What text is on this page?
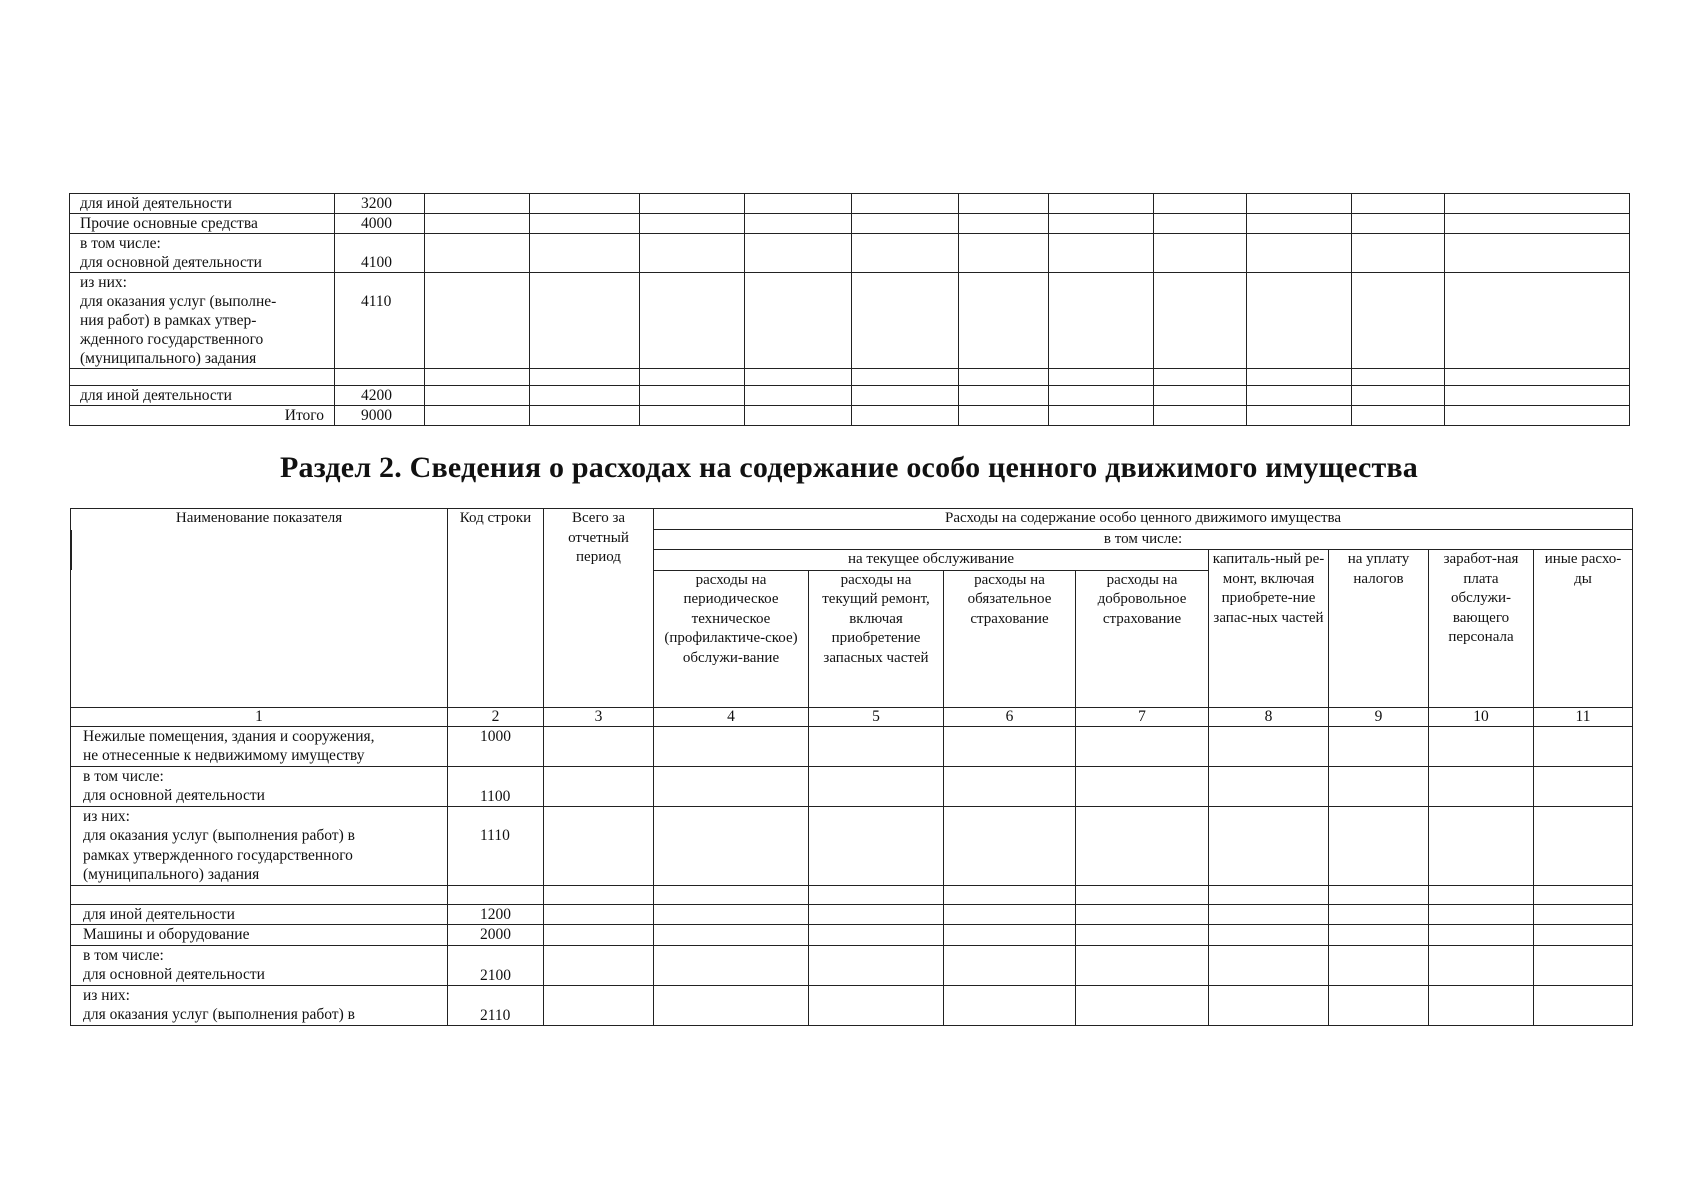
для иной деятельности	3200											
Прочие основные средства	4000											
в том числе:
для основной деятельности	4100											
из них:
для оказания услуг (выполне-
ния работ) в рамках утвер-
жденного государственного
(муниципального) задания	4110											

для иной деятельности	4200											
Итого	9000											
Раздел 2. Сведения о расходах на содержание особо ценного движимого имущества
Наименование показателя	Код строки	Всего за отчетный период	Расходы на содержание особо ценного движимого имущества							
			в том числе:							
			на текущее обслуживание				капиталь-ный ре-монт, включая приобрете-ние запас-ных частей	на уплату налогов	заработ-ная плата обслужи-вающего персонала	иные расхо-ды
			расходы на периодическое техническое (профилактиче-ское) обслужи-вание	расходы на текущий ремонт, включая приобретение запасных частей	расходы на обязательное страхование	расходы на добровольное страхование				
1	2	3	4	5	6	7	8	9	10	11
Нежилые помещения, здания и сооружения,
не отнесенные к недвижимому имуществу	1000									
в том числе:
для основной деятельности	1100									
из них:
для оказания услуг (выполнения работ) в
рамках утвержденного государственного
(муниципального) задания	1110									

для иной деятельности	1200									
Машины и оборудование	2000									
в том числе:
для основной деятельности	2100									
из них:
для оказания услуг (выполнения работ) в	2110									
